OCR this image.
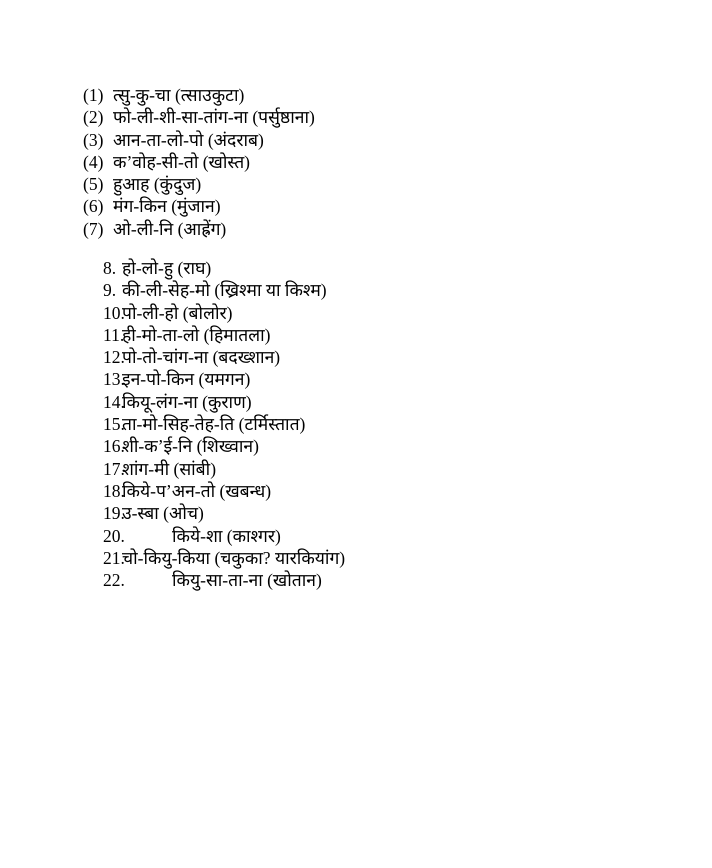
(1) त्सु-कु-चा (त्साउकुटा)
(2) फो-ली-शी-सा-तांग-ना (पर्सुष्ठाना)
(3) आन-ता-लो-पो (अंदराब)
(4) क’वोह-सी-तो (खोस्त)
(5) हुआह (कुंदुज)
(6) मंग-किन (मुंजान)
(7) ओ-ली-नि (आह्रेंग)
8. हो-लो-हु (राघ)
9. की-ली-सेह-मो (ख्रिश्मा या किश्म)
10.पो-ली-हो (बोलोर)
11.ही-मो-ता-लो (हिमातला)
12.पो-तो-चांग-ना (बदख्शान)
13.इन-पो-किन (यमगन)
14.कियू-लंग-ना (कुराण)
15.ता-मो-सिह-तेह-ति (टर्मिस्तात)
16.शी-क’ई-नि (शिख्वान)
17.शांग-मी (सांबी)
18.किये-प’अन-तो (खबन्ध)
19.उ-स्बा (ओच)
20.	किये-शा (काश्गर)
21.चो-कियु-किया (चकुका? यारकियांग)
22.	कियु-सा-ता-ना (खोतान)
